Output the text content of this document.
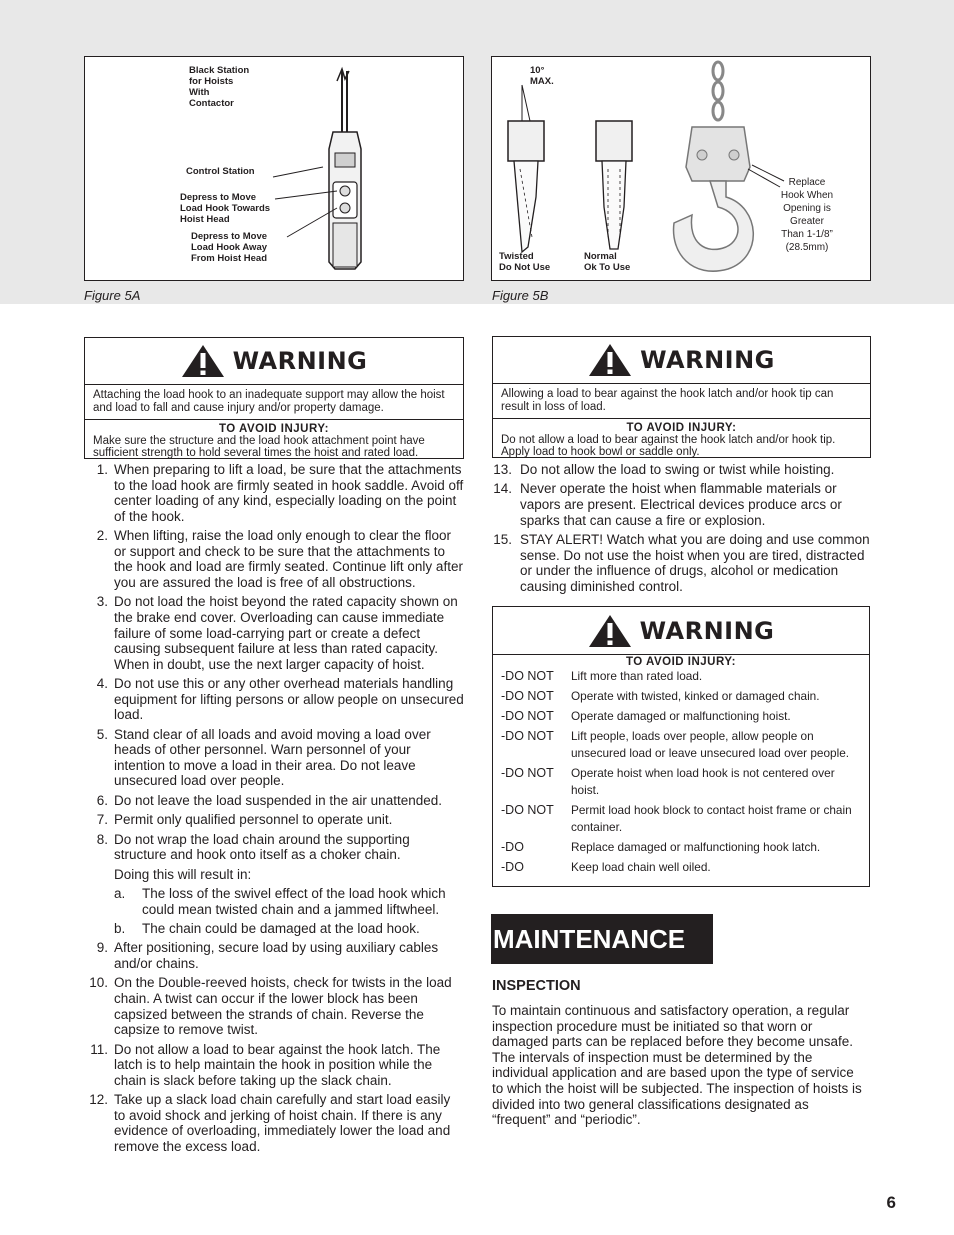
Black Station
for Hoists
With
Contactor
Control Station
Depress to Move
Load Hook Towards
Hoist Head
Depress to Move
Load Hook Away
From Hoist Head
Figure 5A
10°
MAX.
Twisted
Do Not Use
Normal
Ok To Use
Replace
Hook When
Opening is
Greater
Than 1-1/8”
(28.5mm)
Figure 5B
WARNING
Attaching the load hook to an inadequate support may allow the hoist and load to fall and cause injury and/or property damage.
TO AVOID INJURY:
Make sure the structure and the load hook attachment point have sufficient strength to hold several times the hoist and rated load.
WARNING
Allowing a load to bear against the hook latch and/or hook tip can result in loss of load.
TO AVOID INJURY:
Do not allow a load to bear against the hook latch and/or hook tip. Apply load to hook bowl or saddle only.
1. When preparing to lift a load, be sure that the attachments to the load hook are firmly seated in hook saddle. Avoid off center loading of any kind, especially loading on the point of the hook.
2. When lifting, raise the load only enough to clear the floor or support and check to be sure that the attachments to the hook and load are firmly seated. Continue lift only after you are assured the load is free of all obstructions.
3. Do not load the hoist beyond the rated capacity shown on the brake end cover. Overloading can cause immediate failure of some load-carrying part or create a defect causing subsequent failure at less than rated capacity. When in doubt, use the next larger capacity of hoist.
4. Do not use this or any other overhead materials handling equipment for lifting persons or allow people on unsecured load.
5. Stand clear of all loads and avoid moving a load over heads of other personnel. Warn personnel of your intention to move a load in their area. Do not leave unsecured load over people.
6. Do not leave the load suspended in the air unattended.
7. Permit only qualified personnel to operate unit.
8. Do not wrap the load chain around the supporting structure and hook onto itself as a choker chain.
Doing this will result in:
a. The loss of the swivel effect of the load hook which could mean twisted chain and a jammed liftwheel.
b. The chain could be damaged at the load hook.
9. After positioning, secure load by using auxiliary cables and/or chains.
10. On the Double-reeved hoists, check for twists in the load chain. A twist can occur if the lower block has been capsized between the strands of chain. Reverse the capsize to remove twist.
11. Do not allow a load to bear against the hook latch. The latch is to help maintain the hook in position while the chain is slack before taking up the slack chain.
12. Take up a slack load chain carefully and start load easily to avoid shock and jerking of hoist chain. If there is any evidence of overloading, immediately lower the load and remove the excess load.
13. Do not allow the load to swing or twist while hoisting.
14. Never operate the hoist when flammable materials or vapors are present. Electrical devices produce arcs or sparks that can cause a fire or explosion.
15. STAY ALERT! Watch what you are doing and use common sense. Do not use the hoist when you are tired, distracted or under the influence of drugs, alcohol or medication causing diminished control.
WARNING
TO AVOID INJURY:
-DO NOT	Lift more than rated load.
-DO NOT	Operate with twisted, kinked or damaged chain.
-DO NOT	Operate damaged or malfunctioning hoist.
-DO NOT	Lift people, loads over people, allow people on unsecured load or leave unsecured load over people.
-DO NOT	Operate hoist when load hook is not centered over hoist.
-DO NOT	Permit load hook block to contact hoist frame or chain container.
-DO	Replace damaged or malfunctioning hook latch.
-DO	Keep load chain well oiled.
MAINTENANCE
INSPECTION
To maintain continuous and satisfactory operation, a regular inspection procedure must be initiated so that worn or damaged parts can be replaced before they become unsafe. The intervals of inspection must be determined by the individual application and are based upon the type of service to which the hoist will be subjected. The inspection of hoists is divided into two general classifications designated as “frequent” and “periodic”.
6
